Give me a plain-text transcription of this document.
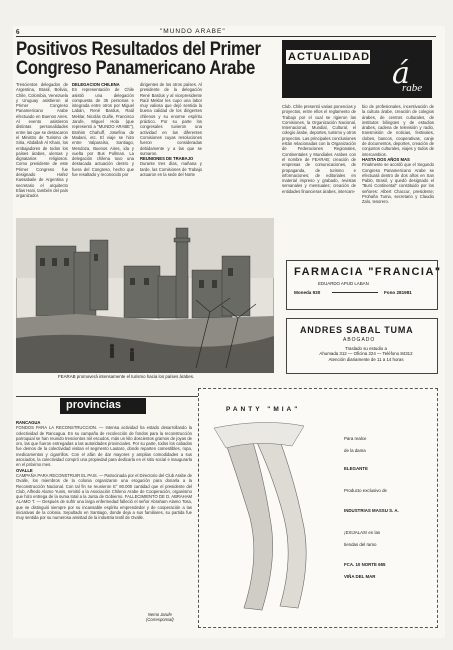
6	"MUNDO ARABE"
Positivos Resultados del Primer
Congreso Panamericano Arabe
Trescientos delegados de Argentina, Brasil, Bolivia, Chile, Colombia, Venezuela y Uruguay asistieron al Primer Congreso Panamericano Arabe efectuado en Buenos Aires. Al evento asistieron distintas personalidades entre las que se destacaron el Ministro de Turismo de Siria, Abdallah Al Khani, los embajadores de todos los países árabes, ulemas y dignatarios religiosos. Como presidente de este Primer Congreso fue designado Hafez Kassabaile de Argentina y secretario el arquitecto Elias Hani, también del país organizador.
DELEGACION CHILENA
En representación de Chile asistió una delegación compuesta de 35 personas e integrada entre otros por Miguel Labán, René Bardus, Raúl Meklar, Nicolás Guiñe, Francisco Jarufe, Miguel Hola (que representó a "MUNDO ARABE"), Brahim Chahuff, Josefina de Madani, etc. El viaje se hizo entre Valparaíso, Santiago, Mendoza, Buenos Aires, ida y vuelta por Bus Pullman. La delegación chilena tuvo una destacada actuación dentro y fuera del Congreso, hecho que fue resaltado y reconocido por
dirigentes de los otros países. Al presidente de la delegación René Bardus y al vicepresidente Raúl Meklar les cupo una labor muy valiosa que dejó sentida la buena calidad de los dirigentes chilenos y su enorme espíritu práctico. Por su parte los congresales tuvieron una actividad en las diferentes Comisiones cuyas resoluciones fueron consideradas debidamente y a las que se sumaron.
REUNIONES DE TRABAJO
Durante tres días, mañana y tarde, las Comisiones de Trabajo actuaron en la sede del Norte
Club. Chile presentó varias ponencias y proyectos, entre ellos el reglamento de Trabajo por el cual se rigieron las Comisiones, la Organización Nacional, Internacional, Mundial, Cultural, el colegio árabe, deportes, turismo y otros proyectos. Las principales conclusiones están relacionadas con la Organización de Federaciones Regionales, Continentales y Mundiales Arabes con el nombre de FEARAB; creación de empresas de comunicaciones, de propaganda, de turismo e informaciones; de editoriales en material impreso y grabado, revistas semanales y mensuales; creación de entidades financieras árabes, intercam-
bio de profesionales, incentivación de la cultura árabe, creación de colegios árabes, de centros culturales, de institutos bilingües y de estudios árabes, cadena de televisión y radio, transmisión de noticias, festivales, clubes, bancos, cooperativas, canje de documentos, deportes, creación de conjuntos culturales, viajes y todos de intercambios.
HASTA DOS AÑOS MAS
Finalmente se acordó que el Segundo Congreso Panamericano Arabe se efectuará dentro de dos años en San Pablo, Brasil, y quedó designado el "Buró Continental" constituido por los señores: Albert Chaccur, presidente; Prohaña Tuma, secretario y Claudio Zalo, tesorero.
ACTUALIDAD á
rabe
FEARAB promoverá intensamente el turismo hacia los países árabes.
FARMACIA "FRANCIA"
EDUARDO APUD LABAN
Moneda 930	Fono 281981
ANDRES SABAL TUMA
ABOGADO
Traslado su estudio a
Ahumada 312 — Oficina 224 — Teléfono 84312
Atención diariamente de 11 a 14 horas
provincias
RANCAGUA
FONDOS PARA LA RECONSTRUCCION. — Intensa actividad ha estado desarrollando la colectividad de Rancagua. En su campaña de recolección de fondos para la reconstrucción parroquial se han reunido trescientos mil escudos, más un kilo doscientos gramos de joyas de oro, las que fueron entregadas a las autoridades provinciales. Por su parte, todos los cabados fue demos de la colectividad visitan el segmento Lautaro, donde reparten comestibles, ropa, medicamentos y cigarrillos. Con el afán de dar mayores y amplias comodidades a sus asociados, la colectividad compró una propiedad para dedicarla en el sitio social e inaugurarla en el próximo mes.
OVALLE
CAMPAÑA PARA RECONSTRUIR EL PAIS. — Patrocinada por el Directorio del Club Arabe de Ovalle, los miembros de la colonia organizaron una erogación para donarla a la Reconstrucción Nacional. Con tal fin se reunieron E° 80.000 cantidad que el presidente del Club, Alfredo Alamo Yunis, remitió a la Asociación Chileno Arabe de Cooperación, organismo que hizo entrega de la suma total a la Junta de Gobierno. FALLECIMIENTO DE D. ABRAHAM ALAMO T. — Después de sufrir una larga enfermedad falleció el señor Abraham Alamo Tosa, que se distinguió siempre por su incansable espíritu emprendedor y de cooperación a las iniciativas de la colonia. Sepultado en Santiago, donde deja a sus familiares, su partida fue muy sentida por su numerosa amistad de la industria textil de Ovalle.
Nemo Jarufe
(Corresponsal)
PANTY "MIA"
Para realce
de la dama
ELEGANTE
Producto exclusivo de
INDUSTRIAS MASSU S. A.
¡EXIJALAS! en las
tiendas del ramo
FCA. 10 NORTE 655
VIÑA DEL MAR
